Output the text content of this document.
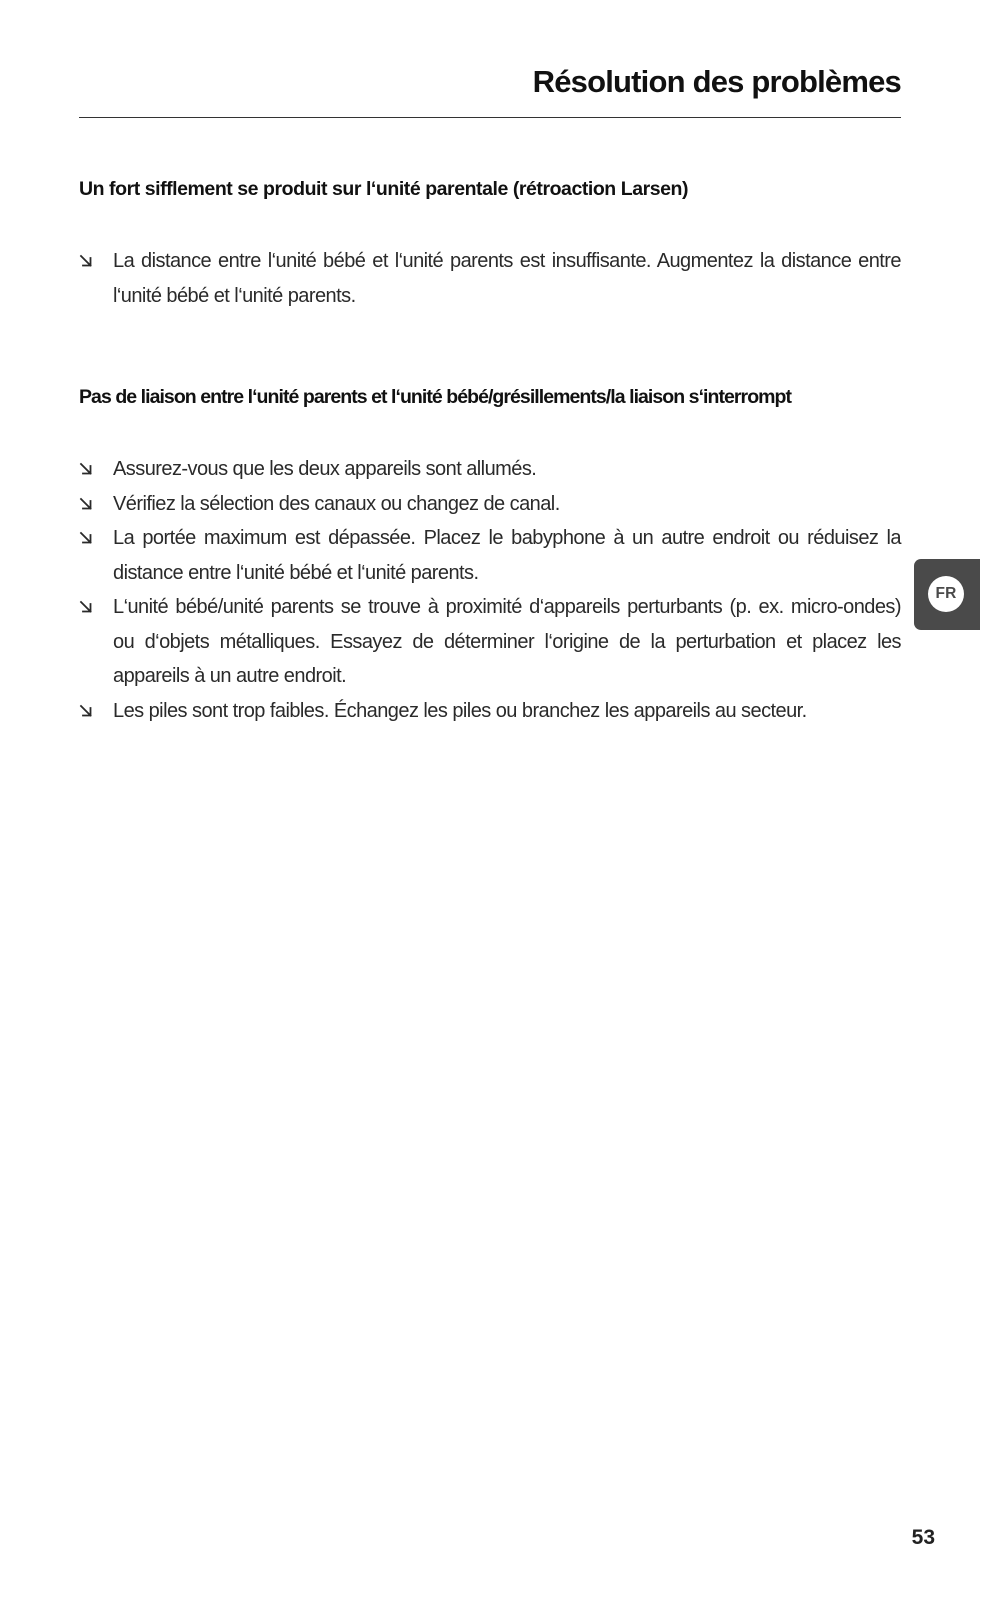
Résolution des problèmes
Un fort sifflement se produit sur l‘unité parentale (rétroaction Larsen)
La distance entre l‘unité bébé et l‘unité parents est insuffisante. Augmentez la distance entre l‘unité bébé et l‘unité parents.
Pas de liaison entre l‘unité parents et l‘unité bébé/grésillements/la liaison s‘interrompt
Assurez-vous que les deux appareils sont allumés.
Vérifiez la sélection des canaux ou changez de canal.
La portée maximum est dépassée. Placez le babyphone à un autre endroit ou réduisez la distance entre l‘unité bébé et l‘unité parents.
L‘unité bébé/unité parents se trouve à proximité d‘appareils perturbants (p. ex. micro-ondes) ou d‘objets métalliques. Essayez de déterminer l‘origine de la perturbation et placez les appareils à un autre endroit.
Les piles sont trop faibles. Échangez les piles ou branchez les appareils au secteur.
FR
53
